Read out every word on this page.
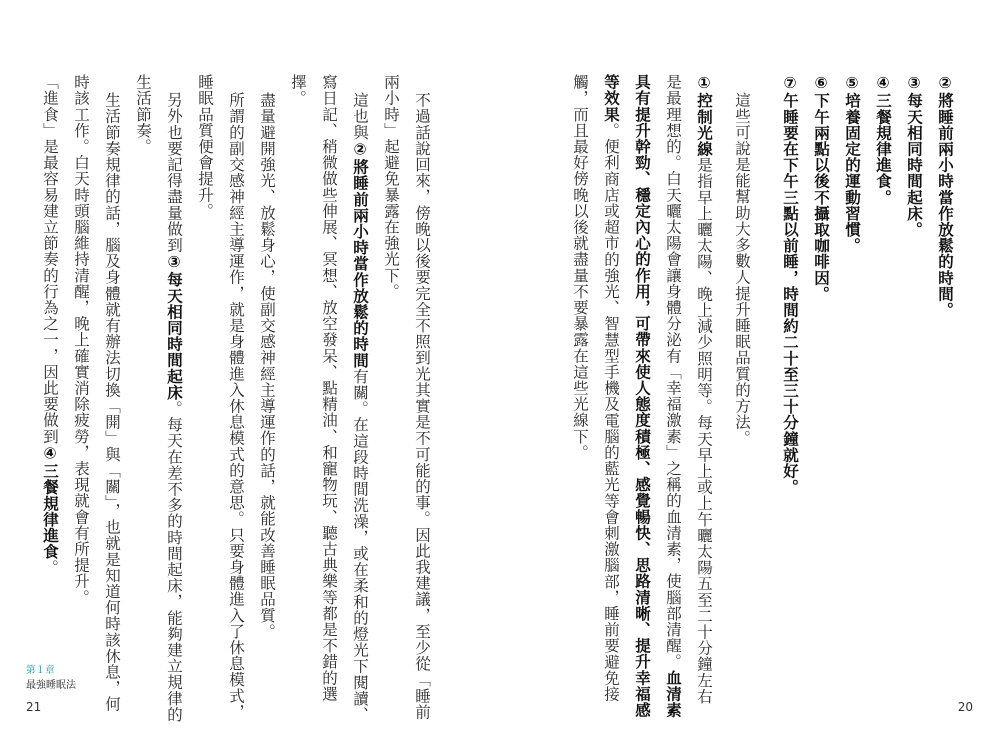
②將睡前兩小時當作放鬆的時間。
③每天相同時間起床。
④三餐規律進食。
⑤培養固定的運動習慣。
⑥下午兩點以後不攝取咖啡因。
⑦午睡要在下午三點以前睡，時間約二十至三十分鐘就好。
這些可說是能幫助大多數人提升睡眠品質的方法。
①控制光線是指早上曬太陽、晚上減少照明等。每天早上或上午曬太陽五至二十分鐘左右
是最理想的。白天曬太陽會讓身體分泌有「幸福激素」之稱的血清素，使腦部清醒。血清素
具有提升幹勁、穩定內心的作用，可帶來使人態度積極、感覺暢快、思路清晰、提升幸福感
等效果。便利商店或超市的強光、智慧型手機及電腦的藍光等會刺激腦部，睡前要避免接
觸，而且最好傍晚以後就盡量不要暴露在這些光線下。
不過話說回來，傍晚以後要完全不照到光其實是不可能的事。因此我建議，至少從「睡前
兩小時」起避免暴露在強光下。
這也與②將睡前兩小時當作放鬆的時間有關。在這段時間洗澡，或在柔和的燈光下閱讀、
寫日記、稍微做些伸展、冥想、放空發呆、點精油、和寵物玩、聽古典樂等都是不錯的選
擇。
盡量避開強光、放鬆身心，使副交感神經主導運作的話，就能改善睡眠品質。
所謂的副交感神經主導運作，就是身體進入休息模式的意思。只要身體進入了休息模式，
睡眠品質便會提升。
另外也要記得盡量做到③每天相同時間起床。每天在差不多的時間起床，能夠建立規律的
生活節奏。
生活節奏規律的話，腦及身體就有辦法切換「開」與「關」，也就是知道何時該休息，何
時該工作。白天時頭腦維持清醒，晚上確實消除疲勞，表現就會有所提升。
「進食」是最容易建立節奏的行為之一，因此要做到④三餐規律進食。
第１章
最強睡眠法
21	20
